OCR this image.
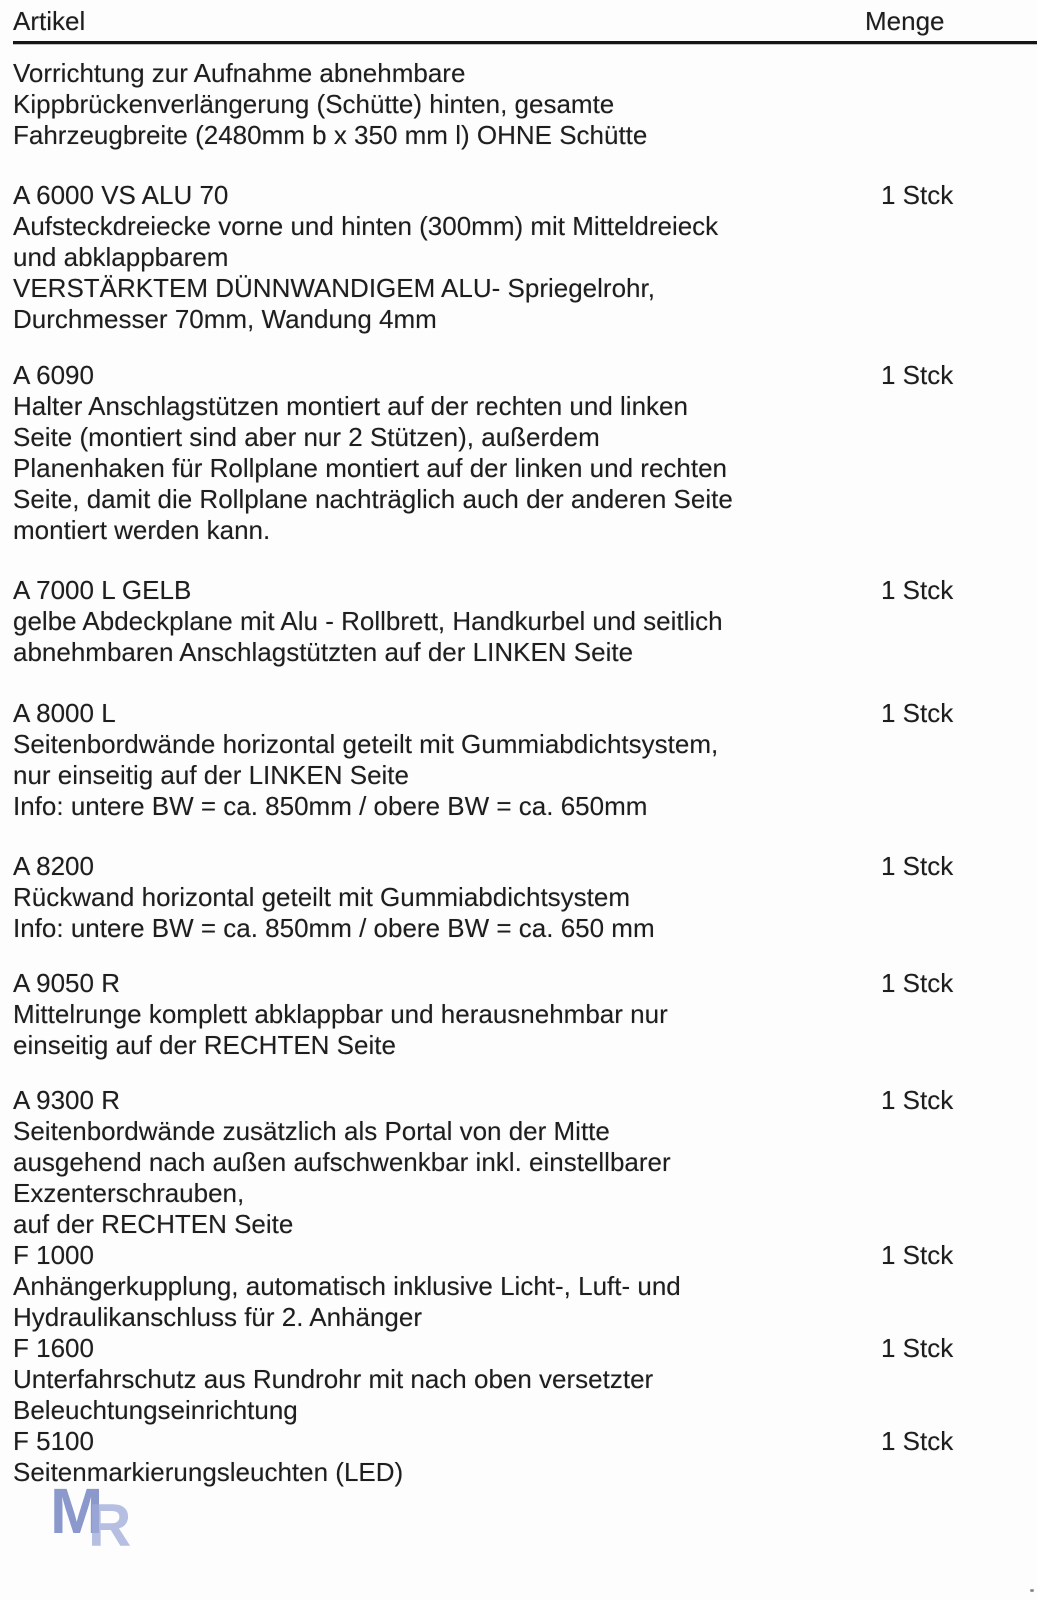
M
R
Artikel	Menge
Vorrichtung zur Aufnahme abnehmbare
Kippbrückenverlängerung (Schütte) hinten, gesamte
Fahrzeugbreite (2480mm b x 350 mm l) OHNE Schütte
A 6000 VS ALU 70	1 Stck
Aufsteckdreiecke vorne und hinten (300mm) mit Mitteldreieck
und abklappbarem
VERSTÄRKTEM DÜNNWANDIGEM ALU- Spriegelrohr,
Durchmesser 70mm, Wandung 4mm
A 6090	1 Stck
Halter Anschlagstützen montiert auf der rechten und linken
Seite (montiert sind aber nur 2 Stützen), außerdem
Planenhaken für Rollplane montiert auf der linken und rechten
Seite, damit die Rollplane nachträglich auch der anderen Seite
montiert werden kann.
A 7000 L GELB	1 Stck
gelbe Abdeckplane mit Alu - Rollbrett, Handkurbel und seitlich
abnehmbaren Anschlagstützten auf der LINKEN Seite
A 8000 L	1 Stck
Seitenbordwände horizontal geteilt mit Gummiabdichtsystem,
nur einseitig auf der LINKEN Seite
Info: untere BW = ca. 850mm / obere BW = ca. 650mm
A 8200	1 Stck
Rückwand horizontal geteilt mit Gummiabdichtsystem
Info: untere BW = ca. 850mm / obere BW = ca. 650 mm
A 9050 R	1 Stck
Mittelrunge komplett abklappbar und herausnehmbar nur
einseitig auf der RECHTEN Seite
A 9300 R	1 Stck
Seitenbordwände zusätzlich als Portal von der Mitte
ausgehend nach außen aufschwenkbar inkl. einstellbarer
Exzenterschrauben,
auf der RECHTEN Seite
F 1000	1 Stck
Anhängerkupplung, automatisch inklusive Licht-, Luft- und
Hydraulikanschluss für 2. Anhänger
F 1600	1 Stck
Unterfahrschutz aus Rundrohr mit nach oben versetzter
Beleuchtungseinrichtung
F 5100	1 Stck
Seitenmarkierungsleuchten (LED)
